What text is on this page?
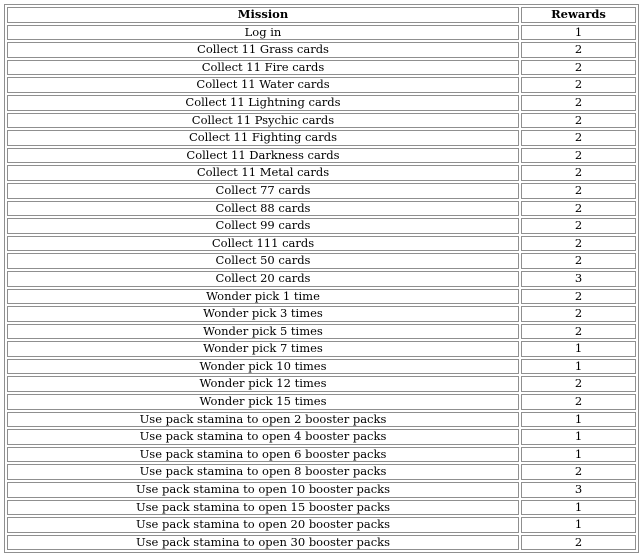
Mission	Rewards
Log in	1
Collect 11 Grass cards	2
Collect 11 Fire cards	2
Collect 11 Water cards	2
Collect 11 Lightning cards	2
Collect 11 Psychic cards	2
Collect 11 Fighting cards	2
Collect 11 Darkness cards	2
Collect 11 Metal cards	2
Collect 77 cards	2
Collect 88 cards	2
Collect 99 cards	2
Collect 111 cards	2
Collect 50 cards	2
Collect 20 cards	3
Wonder pick 1 time	2
Wonder pick 3 times	2
Wonder pick 5 times	2
Wonder pick 7 times	1
Wonder pick 10 times	1
Wonder pick 12 times	2
Wonder pick 15 times	2
Use pack stamina to open 2 booster packs	1
Use pack stamina to open 4 booster packs	1
Use pack stamina to open 6 booster packs	1
Use pack stamina to open 8 booster packs	2
Use pack stamina to open 10 booster packs	3
Use pack stamina to open 15 booster packs	1
Use pack stamina to open 20 booster packs	1
Use pack stamina to open 30 booster packs	2
